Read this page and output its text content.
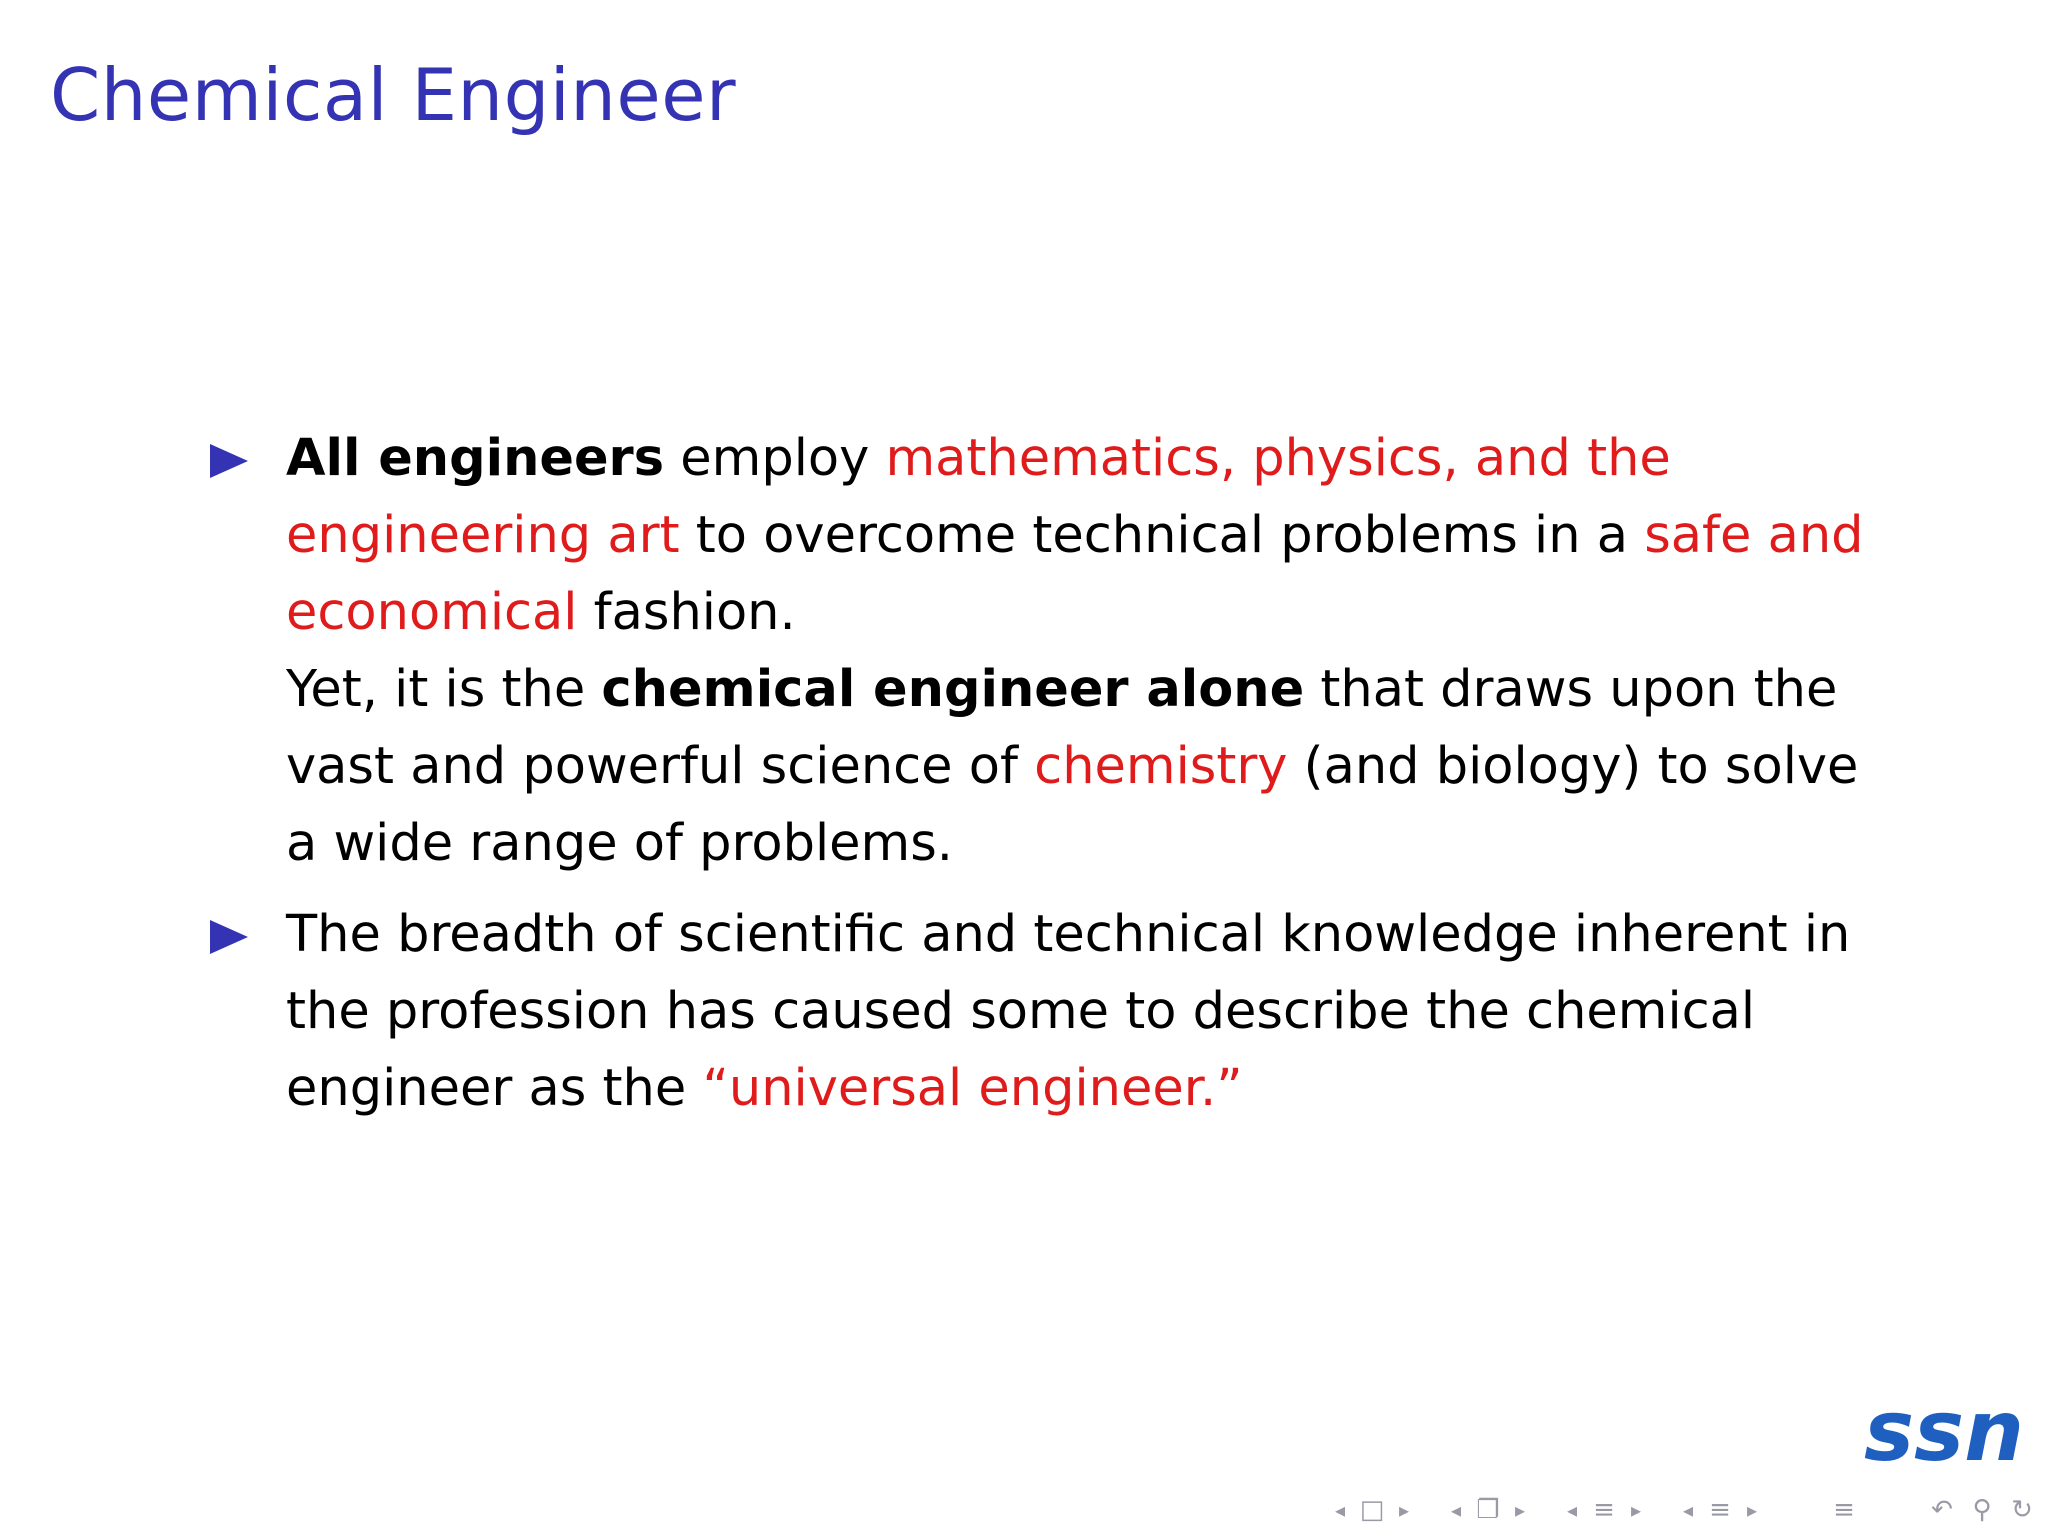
Chemical Engineer

All engineers employ mathematics, physics, and the engineering art to overcome technical problems in a safe and economical fashion.

Yet, it is the chemical engineer alone that draws upon the vast and powerful science of chemistry (and biology) to solve a wide range of problems.

The breadth of scientific and technical knowledge inherent in the profession has caused some to describe the chemical engineer as the “universal engineer.”

ssn
◂ □ ▸	◂ ❐ ▸	◂ ≡ ▸	◂ ≡ ▸	≡	↶ ⚲ ↻
